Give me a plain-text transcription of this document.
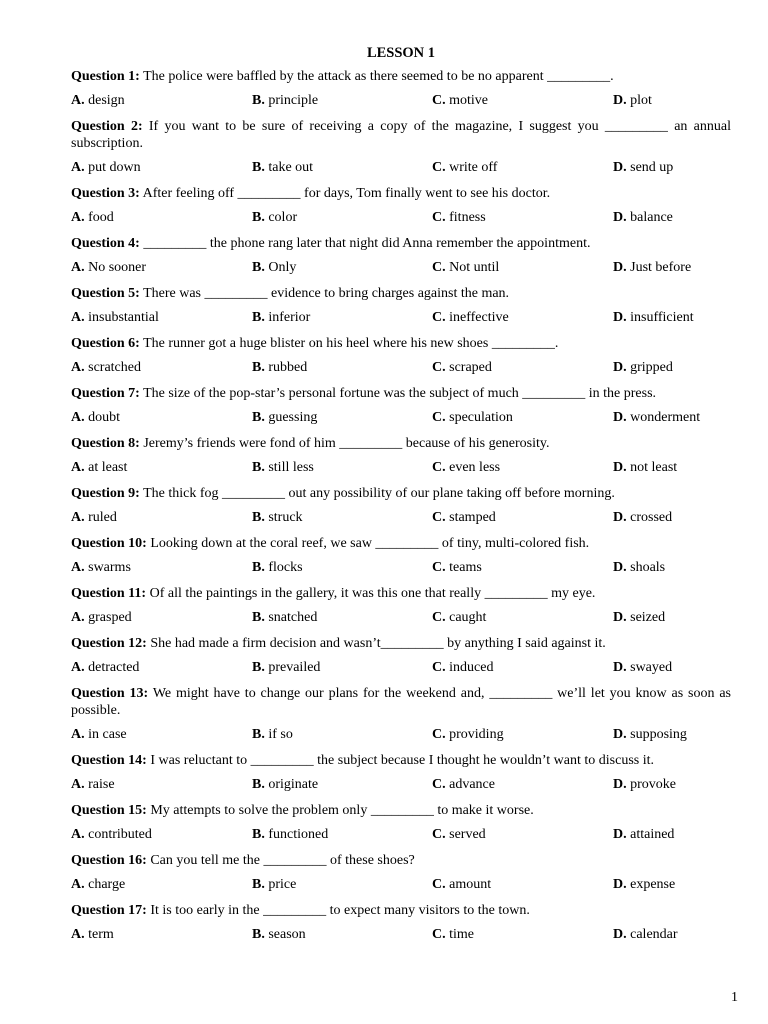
LESSON 1
Question 1: The police were baffled by the attack as there seemed to be no apparent _________.
A. design	B. principle	C. motive	D. plot
Question 2: If you want to be sure of receiving a copy of the magazine, I suggest you _________ an annual subscription.
A. put down	B. take out	C. write off	D. send up
Question 3: After feeling off _________ for days, Tom finally went to see his doctor.
A. food	B. color	C. fitness	D. balance
Question 4: _________ the phone rang later that night did Anna remember the appointment.
A. No sooner	B. Only	C. Not until	D. Just before
Question 5: There was _________ evidence to bring charges against the man.
A. insubstantial	B. inferior	C. ineffective	D. insufficient
Question 6: The runner got a huge blister on his heel where his new shoes _________.
A. scratched	B. rubbed	C. scraped	D. gripped
Question 7: The size of the pop-star’s personal fortune was the subject of much _________ in the press.
A. doubt	B. guessing	C. speculation	D. wonderment
Question 8: Jeremy’s friends were fond of him _________ because of his generosity.
A. at least	B. still less	C. even less	D. not least
Question 9: The thick fog _________ out any possibility of our plane taking off before morning.
A. ruled	B. struck	C. stamped	D. crossed
Question 10: Looking down at the coral reef, we saw _________ of tiny, multi-colored fish.
A. swarms	B. flocks	C. teams	D. shoals
Question 11: Of all the paintings in the gallery, it was this one that really _________ my eye.
A. grasped	B. snatched	C. caught	D. seized
Question 12: She had made a firm decision and wasn’t_________ by anything I said against it.
A. detracted	B. prevailed	C. induced	D. swayed
Question 13: We might have to change our plans for the weekend and, _________ we’ll let you know as soon as possible.
A. in case	B. if so	C. providing	D. supposing
Question 14: I was reluctant to _________ the subject because I thought he wouldn’t want to discuss it.
A. raise	B. originate	C. advance	D. provoke
Question 15: My attempts to solve the problem only _________ to make it worse.
A. contributed	B. functioned	C. served	D. attained
Question 16: Can you tell me the _________ of these shoes?
A. charge	B. price	C. amount	D. expense
Question 17: It is too early in the _________ to expect many visitors to the town.
A. term	B. season	C. time	D. calendar
1
